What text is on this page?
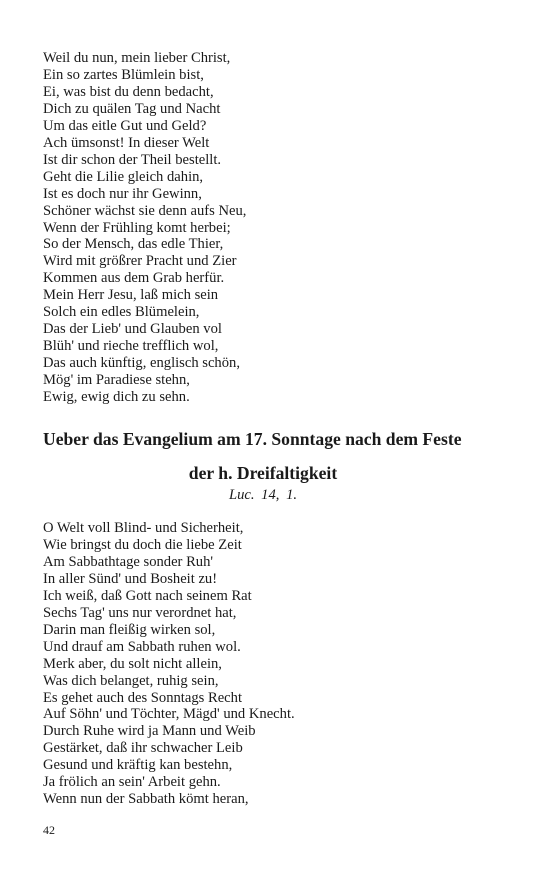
Weil du nun, mein lieber Christ,
Ein so zartes Blümlein bist,
Ei, was bist du denn bedacht,
Dich zu quälen Tag und Nacht
Um das eitle Gut und Geld?
Ach ümsonst! In dieser Welt
Ist dir schon der Theil bestellt.
Geht die Lilie gleich dahin,
Ist es doch nur ihr Gewinn,
Schöner wächst sie denn aufs Neu,
Wenn der Frühling komt herbei;
So der Mensch, das edle Thier,
Wird mit größrer Pracht und Zier
Kommen aus dem Grab herfür.
Mein Herr Jesu, laß mich sein
Solch ein edles Blümelein,
Das der Lieb' und Glauben vol
Blüh' und rieche trefflich wol,
Das auch künftig, englisch schön,
Mög' im Paradiese stehn,
Ewig, ewig dich zu sehn.
Ueber das Evangelium am 17. Sonntage nach dem Feste
der h. Dreifaltigkeit
Luc. 14, 1.
O Welt voll Blind- und Sicherheit,
Wie bringst du doch die liebe Zeit
Am Sabbathtage sonder Ruh'
In aller Sünd' und Bosheit zu!
Ich weiß, daß Gott nach seinem Rat
Sechs Tag' uns nur verordnet hat,
Darin man fleißig wirken sol,
Und drauf am Sabbath ruhen wol.
Merk aber, du solt nicht allein,
Was dich belanget, ruhig sein,
Es gehet auch des Sonntags Recht
Auf Söhn' und Töchter, Mägd' und Knecht.
Durch Ruhe wird ja Mann und Weib
Gestärket, daß ihr schwacher Leib
Gesund und kräftig kan bestehn,
Ja frölich an sein' Arbeit gehn.
Wenn nun der Sabbath kömt heran,
42
